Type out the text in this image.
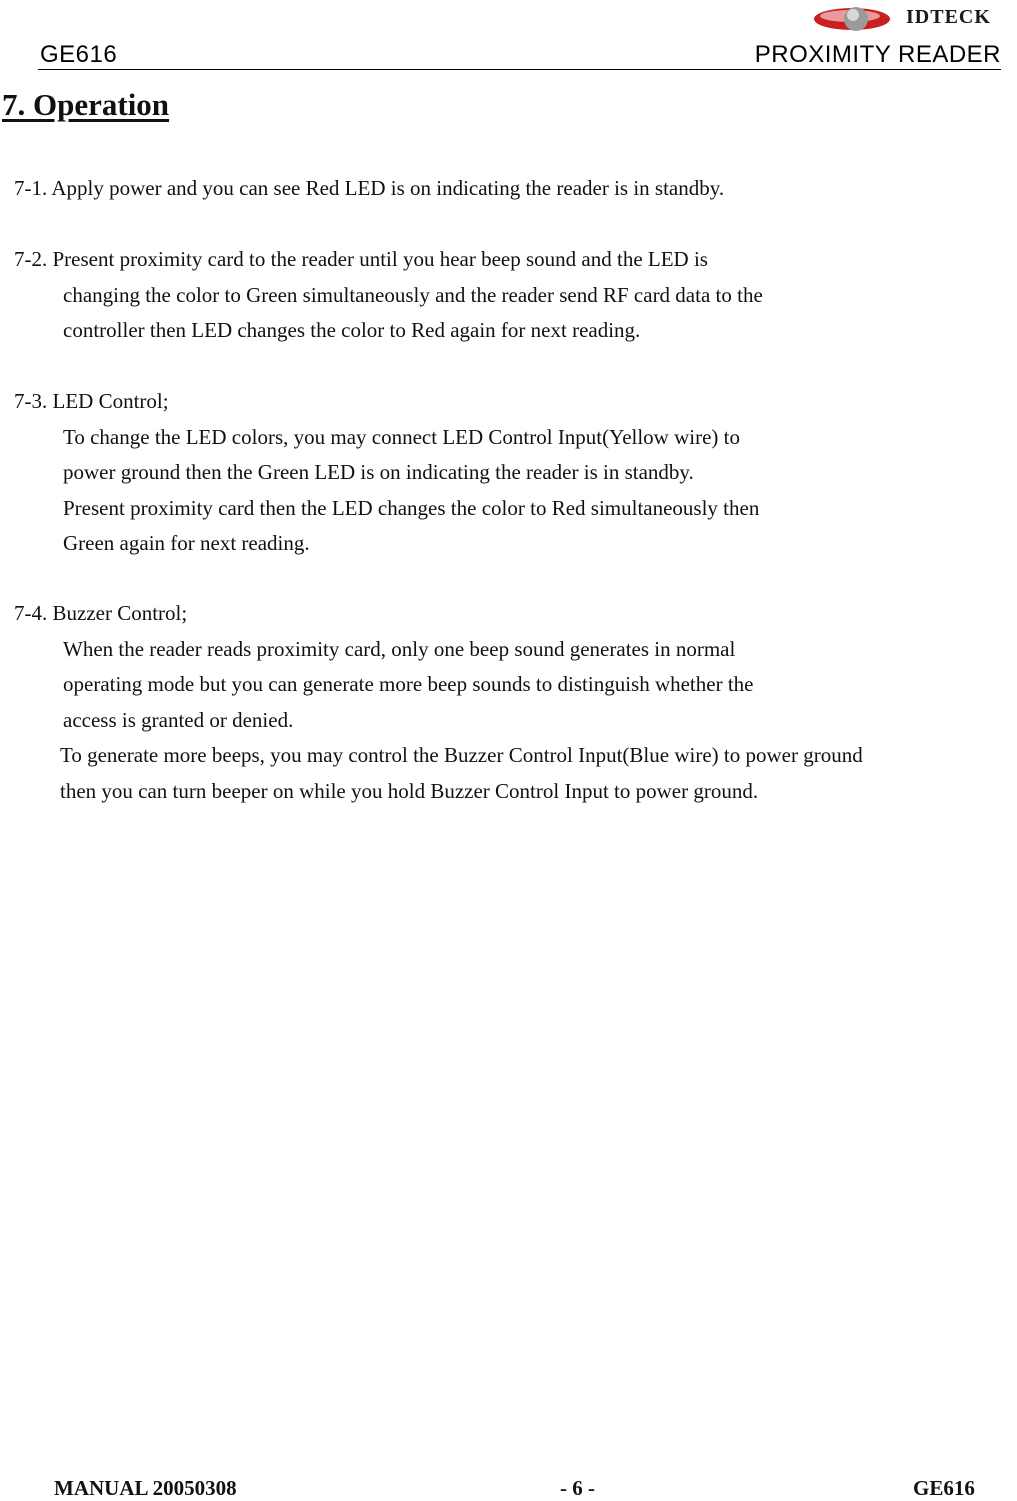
IDTECK
GE616	PROXIMITY READER
7. Operation
7-1. Apply power and you can see Red LED is on indicating the reader is in standby.
7-2. Present proximity card to the reader until you hear beep sound and the LED is
changing the color to Green simultaneously and the reader send RF card data to the
controller then LED changes the color to Red again for next reading.
7-3. LED Control;
To change the LED colors, you may connect LED Control Input(Yellow wire) to
power ground then the Green LED is on indicating the reader is in standby.
Present proximity card then the LED changes the color to Red simultaneously then
Green again for next reading.
7-4. Buzzer Control;
When the reader reads proximity card, only one beep sound generates in normal
operating mode but you can generate more beep sounds to distinguish whether the
access is granted or denied.
To generate more beeps, you may control the Buzzer Control Input(Blue wire) to power ground
then you can turn beeper on while you hold Buzzer Control Input to power ground.
MANUAL 20050308	- 6 -	GE616
